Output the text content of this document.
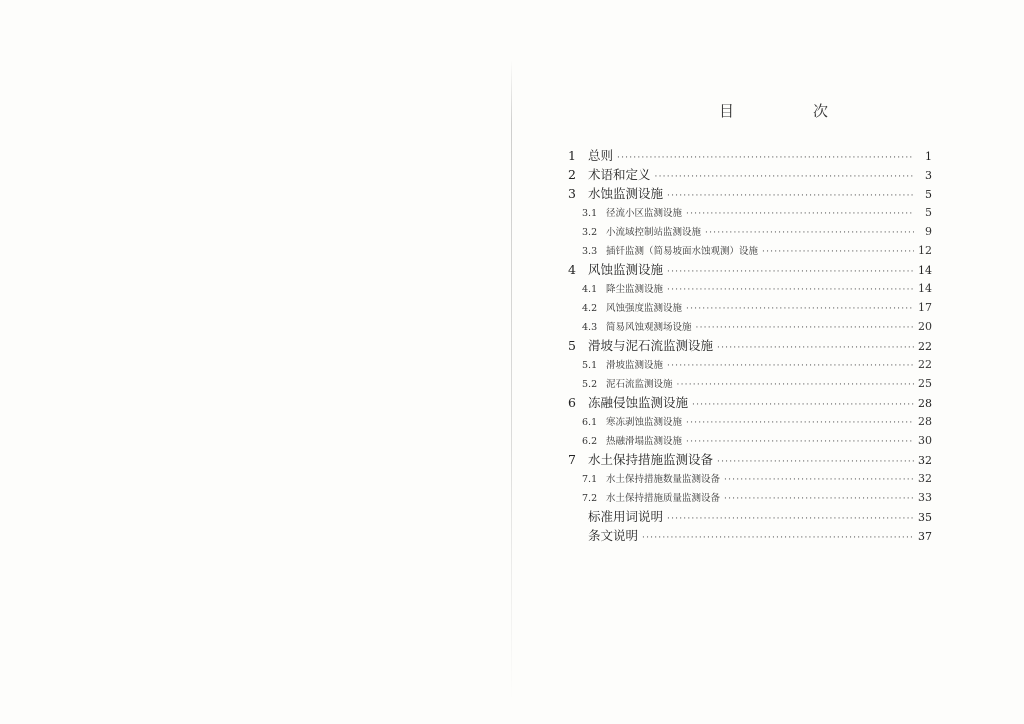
目　次
1 总则 ·····	1
2 术语和定义 ·····	3
3 水蚀监测设施 ·····	5
3.1 径流小区监测设施 ·····	5
3.2 小流域控制站监测设施 ·····	9
3.3 插钎监测（简易坡面水蚀观测）设施 ·····	12
4 风蚀监测设施 ·····	14
4.1 降尘监测设施 ·····	14
4.2 风蚀强度监测设施 ·····	17
4.3 简易风蚀观测场设施 ·····	20
5 滑坡与泥石流监测设施 ·····	22
5.1 滑坡监测设施 ·····	22
5.2 泥石流监测设施 ·····	25
6 冻融侵蚀监测设施 ·····	28
6.1 寒冻剥蚀监测设施 ·····	28
6.2 热融滑塌监测设施 ·····	30
7 水土保持措施监测设备 ·····	32
7.1 水土保持措施数量监测设备 ·····	32
7.2 水土保持措施质量监测设备 ·····	33
标准用词说明 ·····	35
条文说明 ·····	37
